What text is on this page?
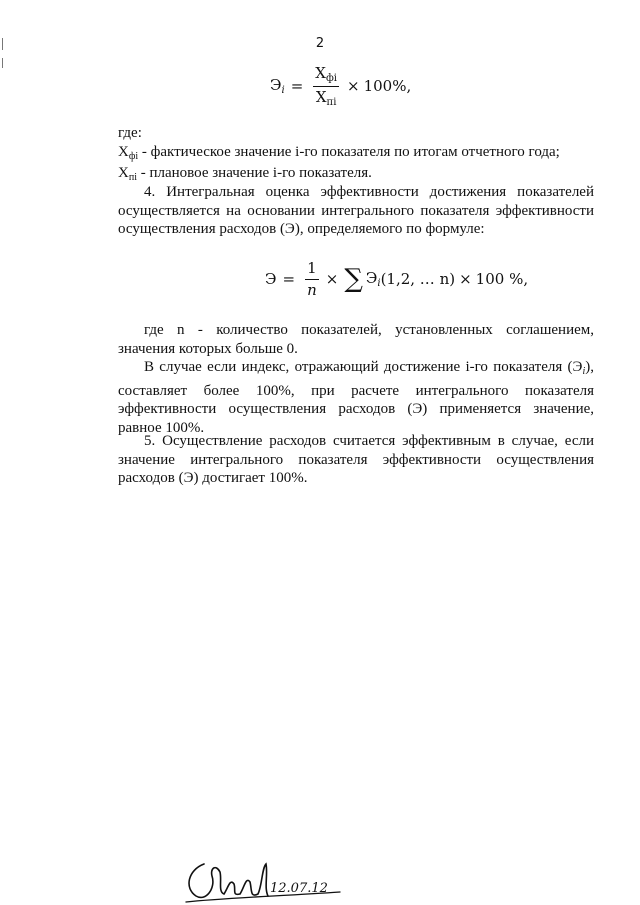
2
$Э_i = \frac{Х_{фi}}{Х_{пi}} \times 100\%$,
где:
$Х_{фi}$ - фактическое значение i-го показателя по итогам отчетного года;
$Х_{пi}$ - плановое значение i-го показателя.
4. Интегральная оценка эффективности достижения показателей осуществляется на основании интегрального показателя эффективности осуществления расходов (Э), определяемого по формуле:
$Э = \frac{1}{n}$ × ∑ $Э_i$ (1,2, … n) × 100 %,
где n - количество показателей, установленных соглашением, значения которых больше 0.
В случае если индекс, отражающий достижение i-го показателя $(Э_i)$, составляет более 100%, при расчете интегрального показателя эффективности осуществления расходов (Э) применяется значение, равное 100%.
5. Осуществление расходов считается эффективным в случае, если значение интегрального показателя эффективности осуществления расходов (Э) достигает 100%.
12.07.12
